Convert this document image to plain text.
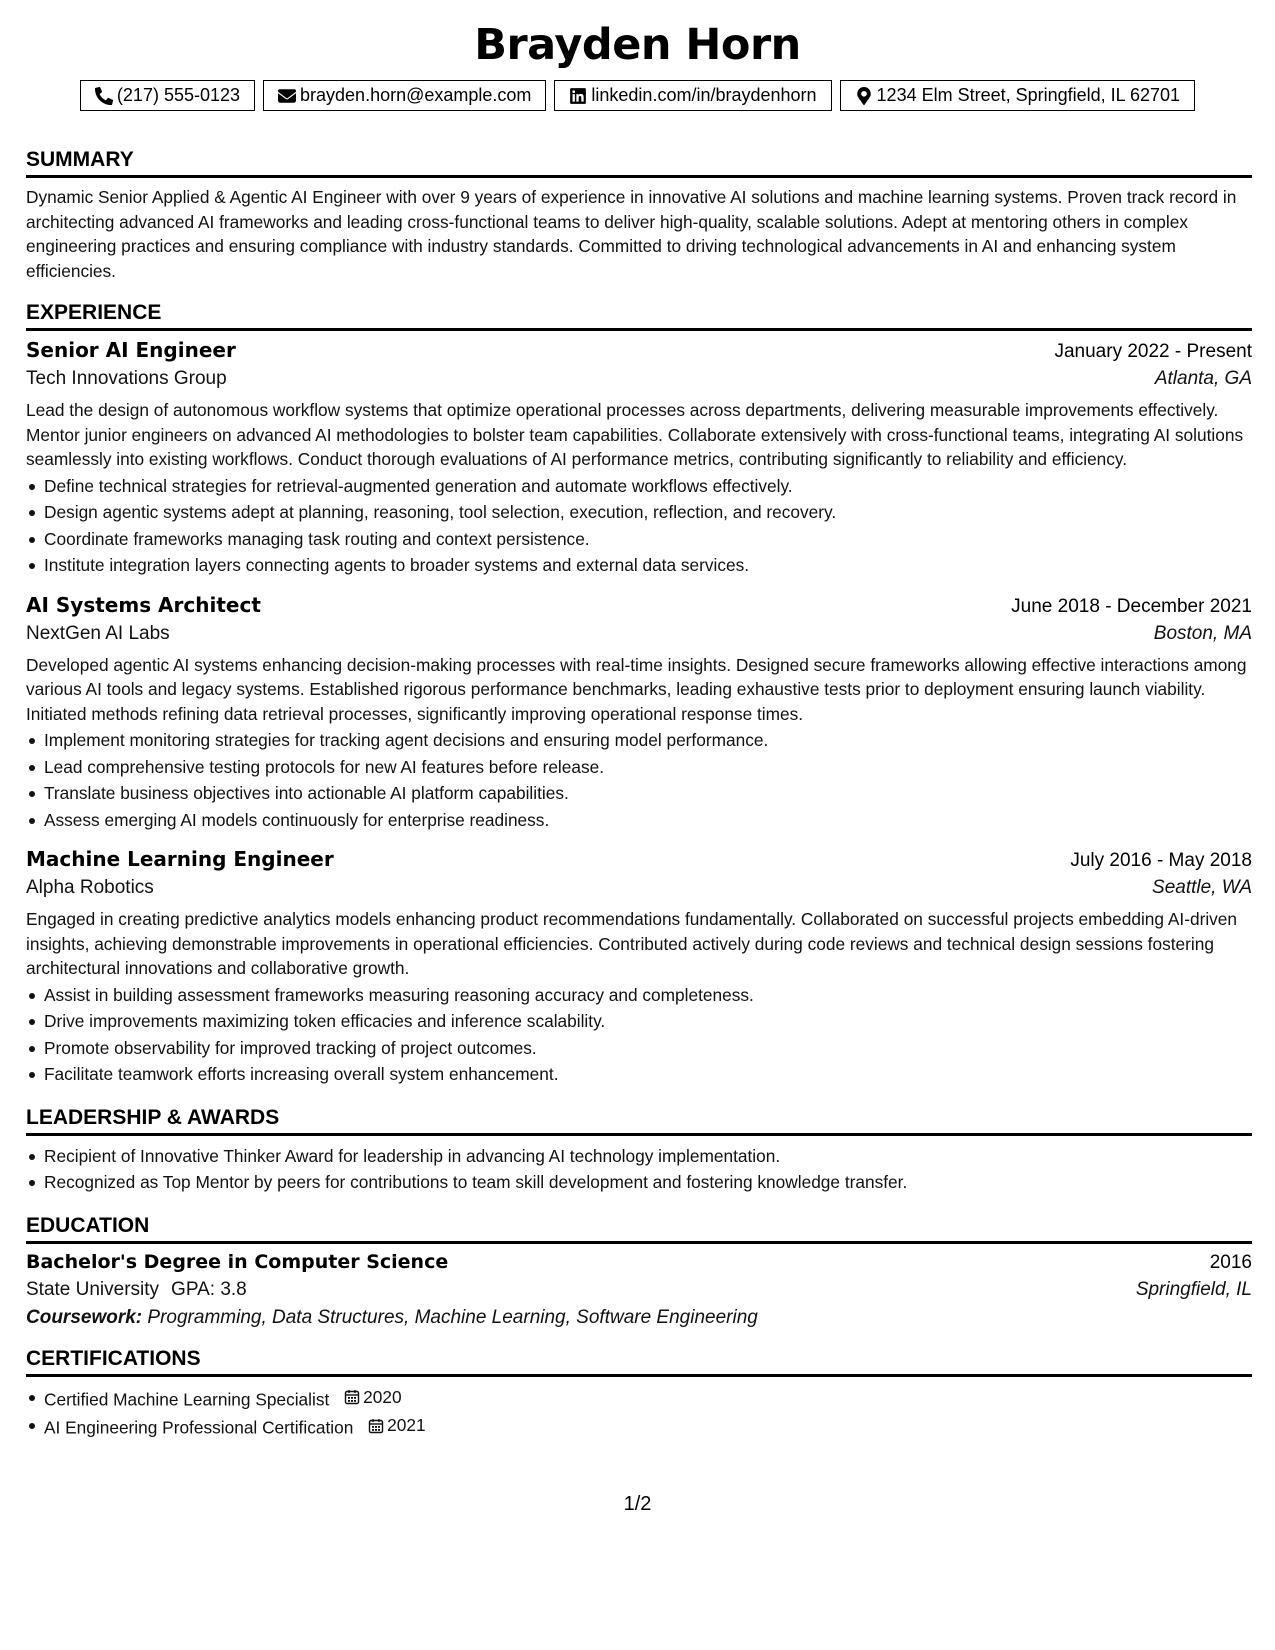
Brayden Horn
(217) 555-0123	brayden.horn@example.com	linkedin.com/in/braydenhorn	1234 Elm Street, Springfield, IL 62701
SUMMARY
Dynamic Senior Applied & Agentic AI Engineer with over 9 years of experience in innovative AI solutions and machine learning systems. Proven track record in architecting advanced AI frameworks and leading cross-functional teams to deliver high-quality, scalable solutions. Adept at mentoring others in complex engineering practices and ensuring compliance with industry standards. Committed to driving technological advancements in AI and enhancing system efficiencies.
EXPERIENCE
Senior AI Engineer	January 2022 - Present
Tech Innovations Group	Atlanta, GA
Lead the design of autonomous workflow systems that optimize operational processes across departments, delivering measurable improvements effectively. Mentor junior engineers on advanced AI methodologies to bolster team capabilities. Collaborate extensively with cross-functional teams, integrating AI solutions seamlessly into existing workflows. Conduct thorough evaluations of AI performance metrics, contributing significantly to reliability and efficiency.
Define technical strategies for retrieval-augmented generation and automate workflows effectively.
Design agentic systems adept at planning, reasoning, tool selection, execution, reflection, and recovery.
Coordinate frameworks managing task routing and context persistence.
Institute integration layers connecting agents to broader systems and external data services.
AI Systems Architect	June 2018 - December 2021
NextGen AI Labs	Boston, MA
Developed agentic AI systems enhancing decision-making processes with real-time insights. Designed secure frameworks allowing effective interactions among various AI tools and legacy systems. Established rigorous performance benchmarks, leading exhaustive tests prior to deployment ensuring launch viability. Initiated methods refining data retrieval processes, significantly improving operational response times.
Implement monitoring strategies for tracking agent decisions and ensuring model performance.
Lead comprehensive testing protocols for new AI features before release.
Translate business objectives into actionable AI platform capabilities.
Assess emerging AI models continuously for enterprise readiness.
Machine Learning Engineer	July 2016 - May 2018
Alpha Robotics	Seattle, WA
Engaged in creating predictive analytics models enhancing product recommendations fundamentally. Collaborated on successful projects embedding AI-driven insights, achieving demonstrable improvements in operational efficiencies. Contributed actively during code reviews and technical design sessions fostering architectural innovations and collaborative growth.
Assist in building assessment frameworks measuring reasoning accuracy and completeness.
Drive improvements maximizing token efficacies and inference scalability.
Promote observability for improved tracking of project outcomes.
Facilitate teamwork efforts increasing overall system enhancement.
LEADERSHIP & AWARDS
Recipient of Innovative Thinker Award for leadership in advancing AI technology implementation.
Recognized as Top Mentor by peers for contributions to team skill development and fostering knowledge transfer.
EDUCATION
Bachelor's Degree in Computer Science	2016
State University GPA: 3.8	Springfield, IL
Coursework: Programming, Data Structures, Machine Learning, Software Engineering
CERTIFICATIONS
Certified Machine Learning Specialist 2020
AI Engineering Professional Certification 2021
1/2
